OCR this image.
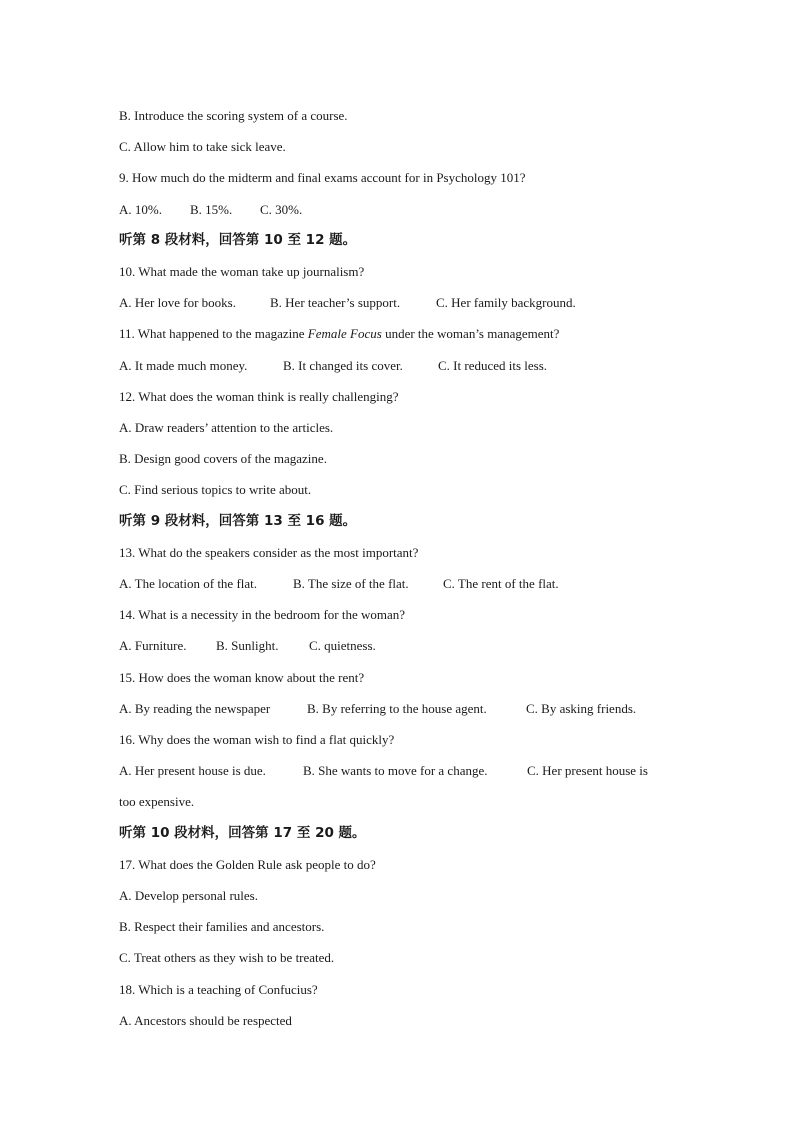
B. Introduce the scoring system of a course.
C. Allow him to take sick leave.
9. How much do the midterm and final exams account for in Psychology 101?
A. 10%. B. 15%. C. 30%.
听第 8 段材料，回答第 10 至 12 题。
10. What made the woman take up journalism?
A. Her love for books.	B. Her teacher’s support.	C. Her family background.
11. What happened to the magazine Female Focus under the woman’s management?
A. It made much money.	B. It changed its cover.	C. It reduced its less.
12. What does the woman think is really challenging?
A. Draw readers’ attention to the articles.
B. Design good covers of the magazine.
C. Find serious topics to write about.
听第 9 段材料，回答第 13 至 16 题。
13. What do the speakers consider as the most important?
A. The location of the flat.	B. The size of the flat.	C. The rent of the flat.
14. What is a necessity in the bedroom for the woman?
A. Furniture. B. Sunlight. C. quietness.
15. How does the woman know about the rent?
A. By reading the newspaper	B. By referring to the house agent.	C. By asking friends.
16. Why does the woman wish to find a flat quickly?
A. Her present house is due.	B. She wants to move for a change.	C. Her present house is
too expensive.
听第 10 段材料，回答第 17 至 20 题。
17. What does the Golden Rule ask people to do?
A. Develop personal rules.
B. Respect their families and ancestors.
C. Treat others as they wish to be treated.
18. Which is a teaching of Confucius?
A. Ancestors should be respected
